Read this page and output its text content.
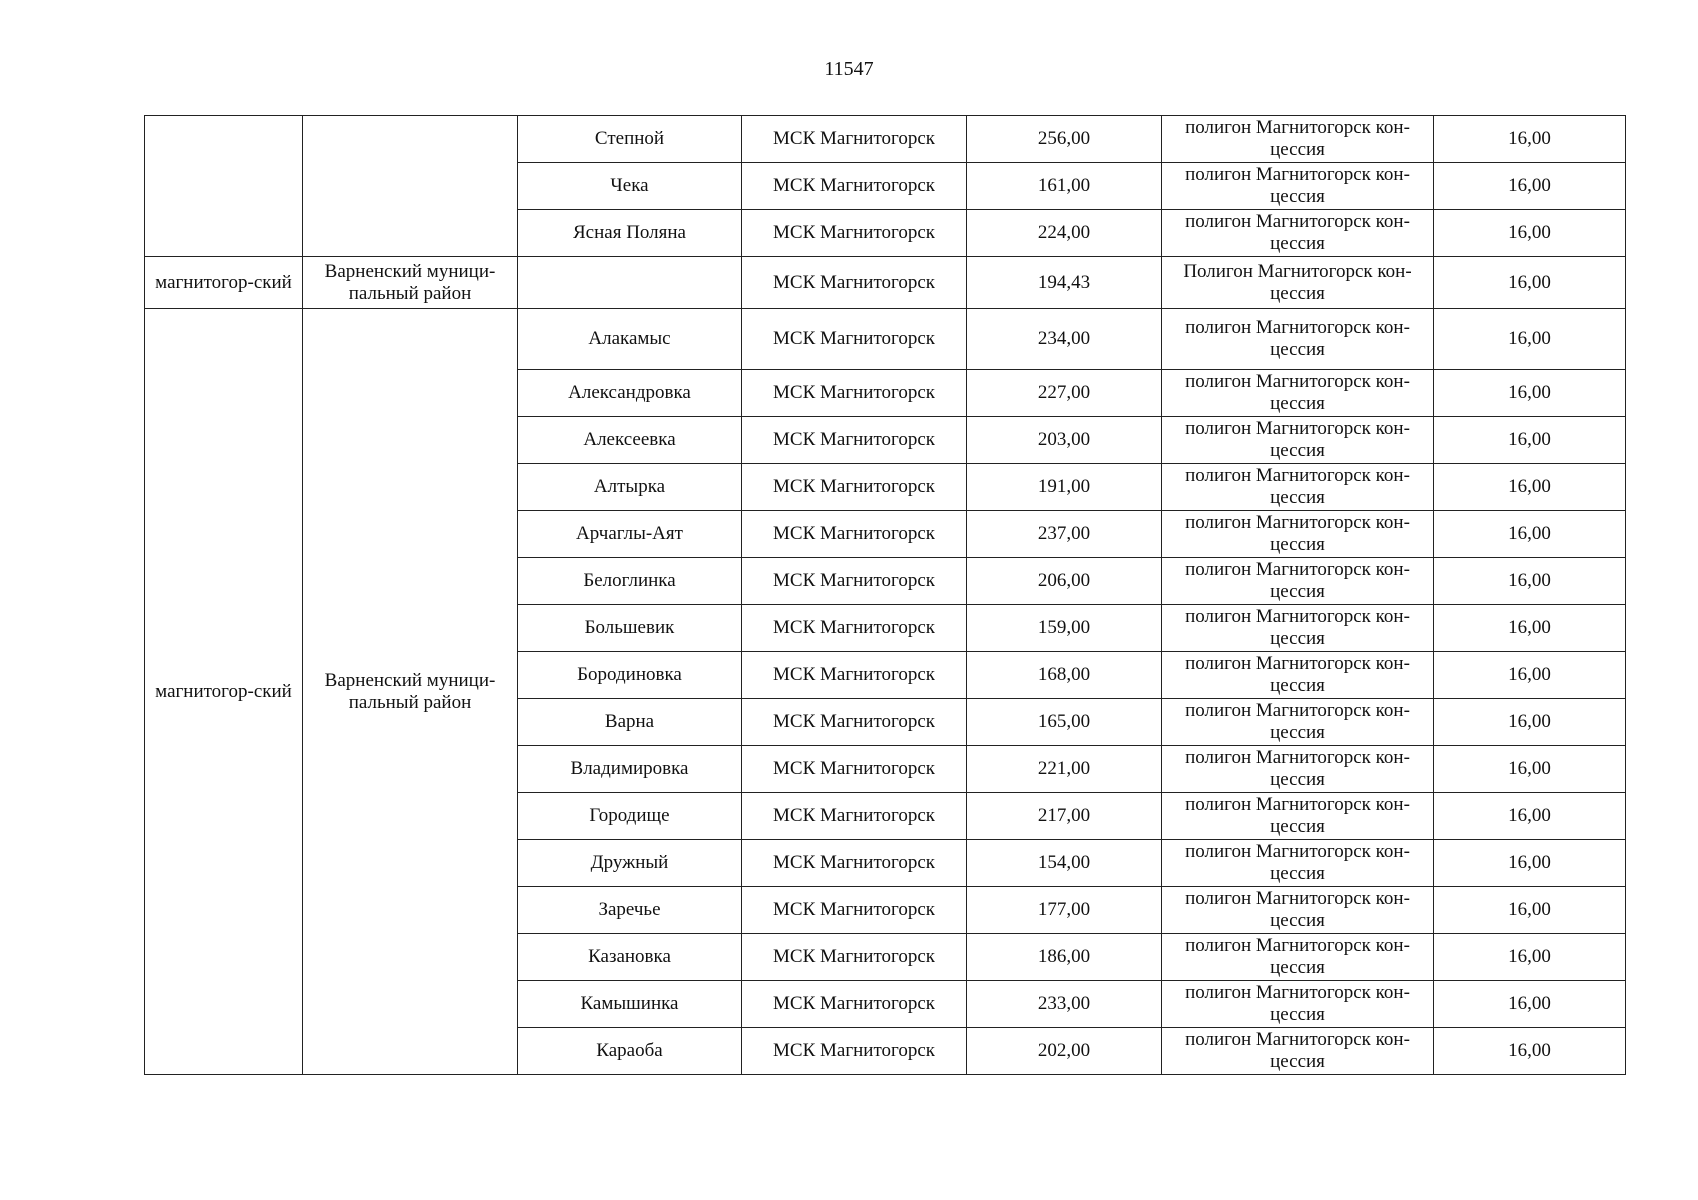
11547
		Степной	МСК Магнитогорск	256,00	полигон Магнитогорск кон-цессия	16,00
		Чека	МСК Магнитогорск	161,00	полигон Магнитогорск кон-цессия	16,00
		Ясная Поляна	МСК Магнитогорск	224,00	полигон Магнитогорск кон-цессия	16,00
магнитогор-ский	Варненский муници-пальный район		МСК Магнитогорск	194,43	Полигон Магнитогорск кон-цессия	16,00
магнитогор-ский	Варненский муници-пальный район	Алакамыс	МСК Магнитогорск	234,00	полигон Магнитогорск кон-цессия	16,00
		Александровка	МСК Магнитогорск	227,00	полигон Магнитогорск кон-цессия	16,00
		Алексеевка	МСК Магнитогорск	203,00	полигон Магнитогорск кон-цессия	16,00
		Алтырка	МСК Магнитогорск	191,00	полигон Магнитогорск кон-цессия	16,00
		Арчаглы-Аят	МСК Магнитогорск	237,00	полигон Магнитогорск кон-цессия	16,00
		Белоглинка	МСК Магнитогорск	206,00	полигон Магнитогорск кон-цессия	16,00
		Большевик	МСК Магнитогорск	159,00	полигон Магнитогорск кон-цессия	16,00
		Бородиновка	МСК Магнитогорск	168,00	полигон Магнитогорск кон-цессия	16,00
		Варна	МСК Магнитогорск	165,00	полигон Магнитогорск кон-цессия	16,00
		Владимировка	МСК Магнитогорск	221,00	полигон Магнитогорск кон-цессия	16,00
		Городище	МСК Магнитогорск	217,00	полигон Магнитогорск кон-цессия	16,00
		Дружный	МСК Магнитогорск	154,00	полигон Магнитогорск кон-цессия	16,00
		Заречье	МСК Магнитогорск	177,00	полигон Магнитогорск кон-цессия	16,00
		Казановка	МСК Магнитогорск	186,00	полигон Магнитогорск кон-цессия	16,00
		Камышинка	МСК Магнитогорск	233,00	полигон Магнитогорск кон-цессия	16,00
		Караоба	МСК Магнитогорск	202,00	полигон Магнитогорск кон-цессия	16,00
